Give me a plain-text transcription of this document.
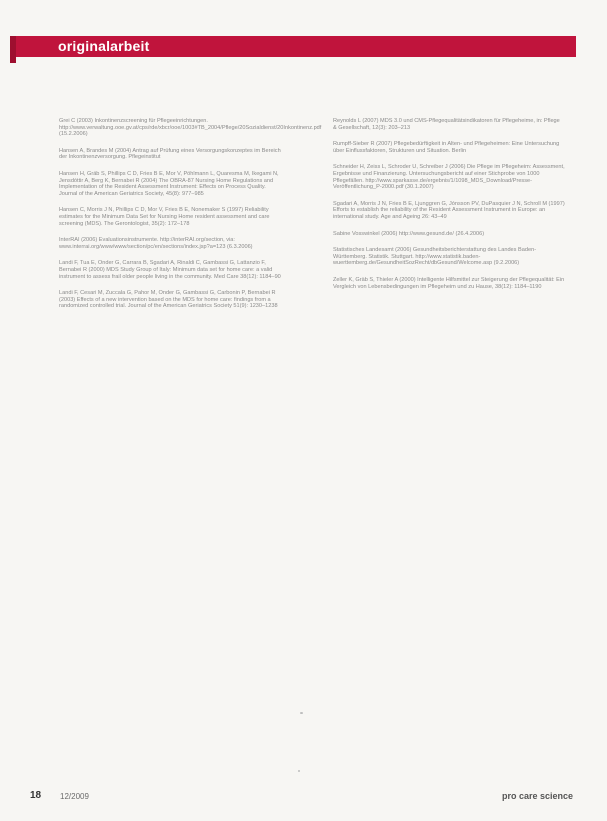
originalarbeit

Grei C (2003) Inkontinenzscreening für Pflegeeinrichtungen. http://www.verwaltung.ooe.gv.at/cps/rde/xbcr/ooe/1003#TB_2004/Pflege/20Sozialdienst/20Inkontinenz.pdf (15.2.2006)

Hansen A, Brandes M (2004) Antrag auf Prüfung eines Versorgungskonzeptes im Bereich der Inkontinenzversorgung. Pflegeinstitut

Hansen H, Gräb S, Phillips C D, Fries B E, Mor V, Pöhlmann L, Quaresma M, Ikegami N, Jensdóttir A, Berg K, Bernabei R (2004) The OBRA-87 Nursing Home Regulations and Implementation of the Resident Assessment Instrument: Effects on Process Quality. Journal of the American Geriatrics Society, 45(8): 977–985

Hansen C, Morris J N, Phillips C D, Mor V, Fries B E, Nonemaker S (1997) Reliability estimates for the Minimum Data Set for Nursing Home resident assessment and care screening (MDS). The Gerontologist, 35(2): 172–178

InterRAI (2006) Evaluationsinstrumente. http://interRAI.org/section, via: www.interrai.org/www/www/section/pc/en/sections/index.jsp?a=123 (6.3.2006)

Landi F, Tua E, Onder G, Carrara B, Sgadari A, Rinaldi C, Gambassi G, Lattanzio F, Bernabei R (2000) MDS Study Group of Italy: Minimum data set for home care: a valid instrument to assess frail older people living in the community. Med Care 38(12): 1184–90

Landi F, Cesari M, Zuccala G, Pahor M, Onder G, Gambassi G, Carbonin P, Bernabei R (2003) Effects of a new intervention based on the MDS for home care: findings from a randomized controlled trial. Journal of the American Geriatrics Society 51(9): 1230–1238

Reynolds L (2007) MDS 3.0 und CMS-Pflegequalitätsindikatoren für Pflegeheime, in: Pflege & Gesellschaft, 12(3): 203–213

Rumpff-Sieber R (2007) Pflegebedürftigkeit in Alten- und Pflegeheimen: Eine Untersuchung über Einflussfaktoren, Strukturen und Situation. Berlin

Schneider H, Zeiss L, Schroder U, Schreiber J (2006) Die Pflege im Pflegeheim: Assessment, Ergebnisse und Finanzierung. Untersuchungsbericht auf einer Stichprobe von 1000 Pflegefällen. http://www.sparkasse.de/ergebnis/1/1098_MDS_Download/Presse-Veröffentlichung_P-2000.pdf (30.1.2007)

Sgadari A, Morris J N, Fries B E, Ljunggren G, Jónsson PV, DuPasquier J N, Schroll M (1997) Efforts to establish the reliability of the Resident Assessment Instrument in Europe: an international study. Age and Ageing 26: 43–49

Sabine Vosswinkel (2006) http://www.gesund.de/ (26.4.2006)

Statistisches Landesamt (2006) Gesundheitsberichterstattung des Landes Baden-Württemberg. Statistik. Stuttgart. http://www.statistik.baden-wuerttemberg.de/GesundheitSozRecht/dbGesund/Welcome.asp (9.2.2006)

Zeller K, Gräb S, Thieler A (2000) Intelligente Hilfsmittel zur Steigerung der Pflegequalität: Ein Vergleich von Lebensbedingungen im Pflegeheim und zu Hause, 38(12): 1184–1190

18 12/2009	pro care science
